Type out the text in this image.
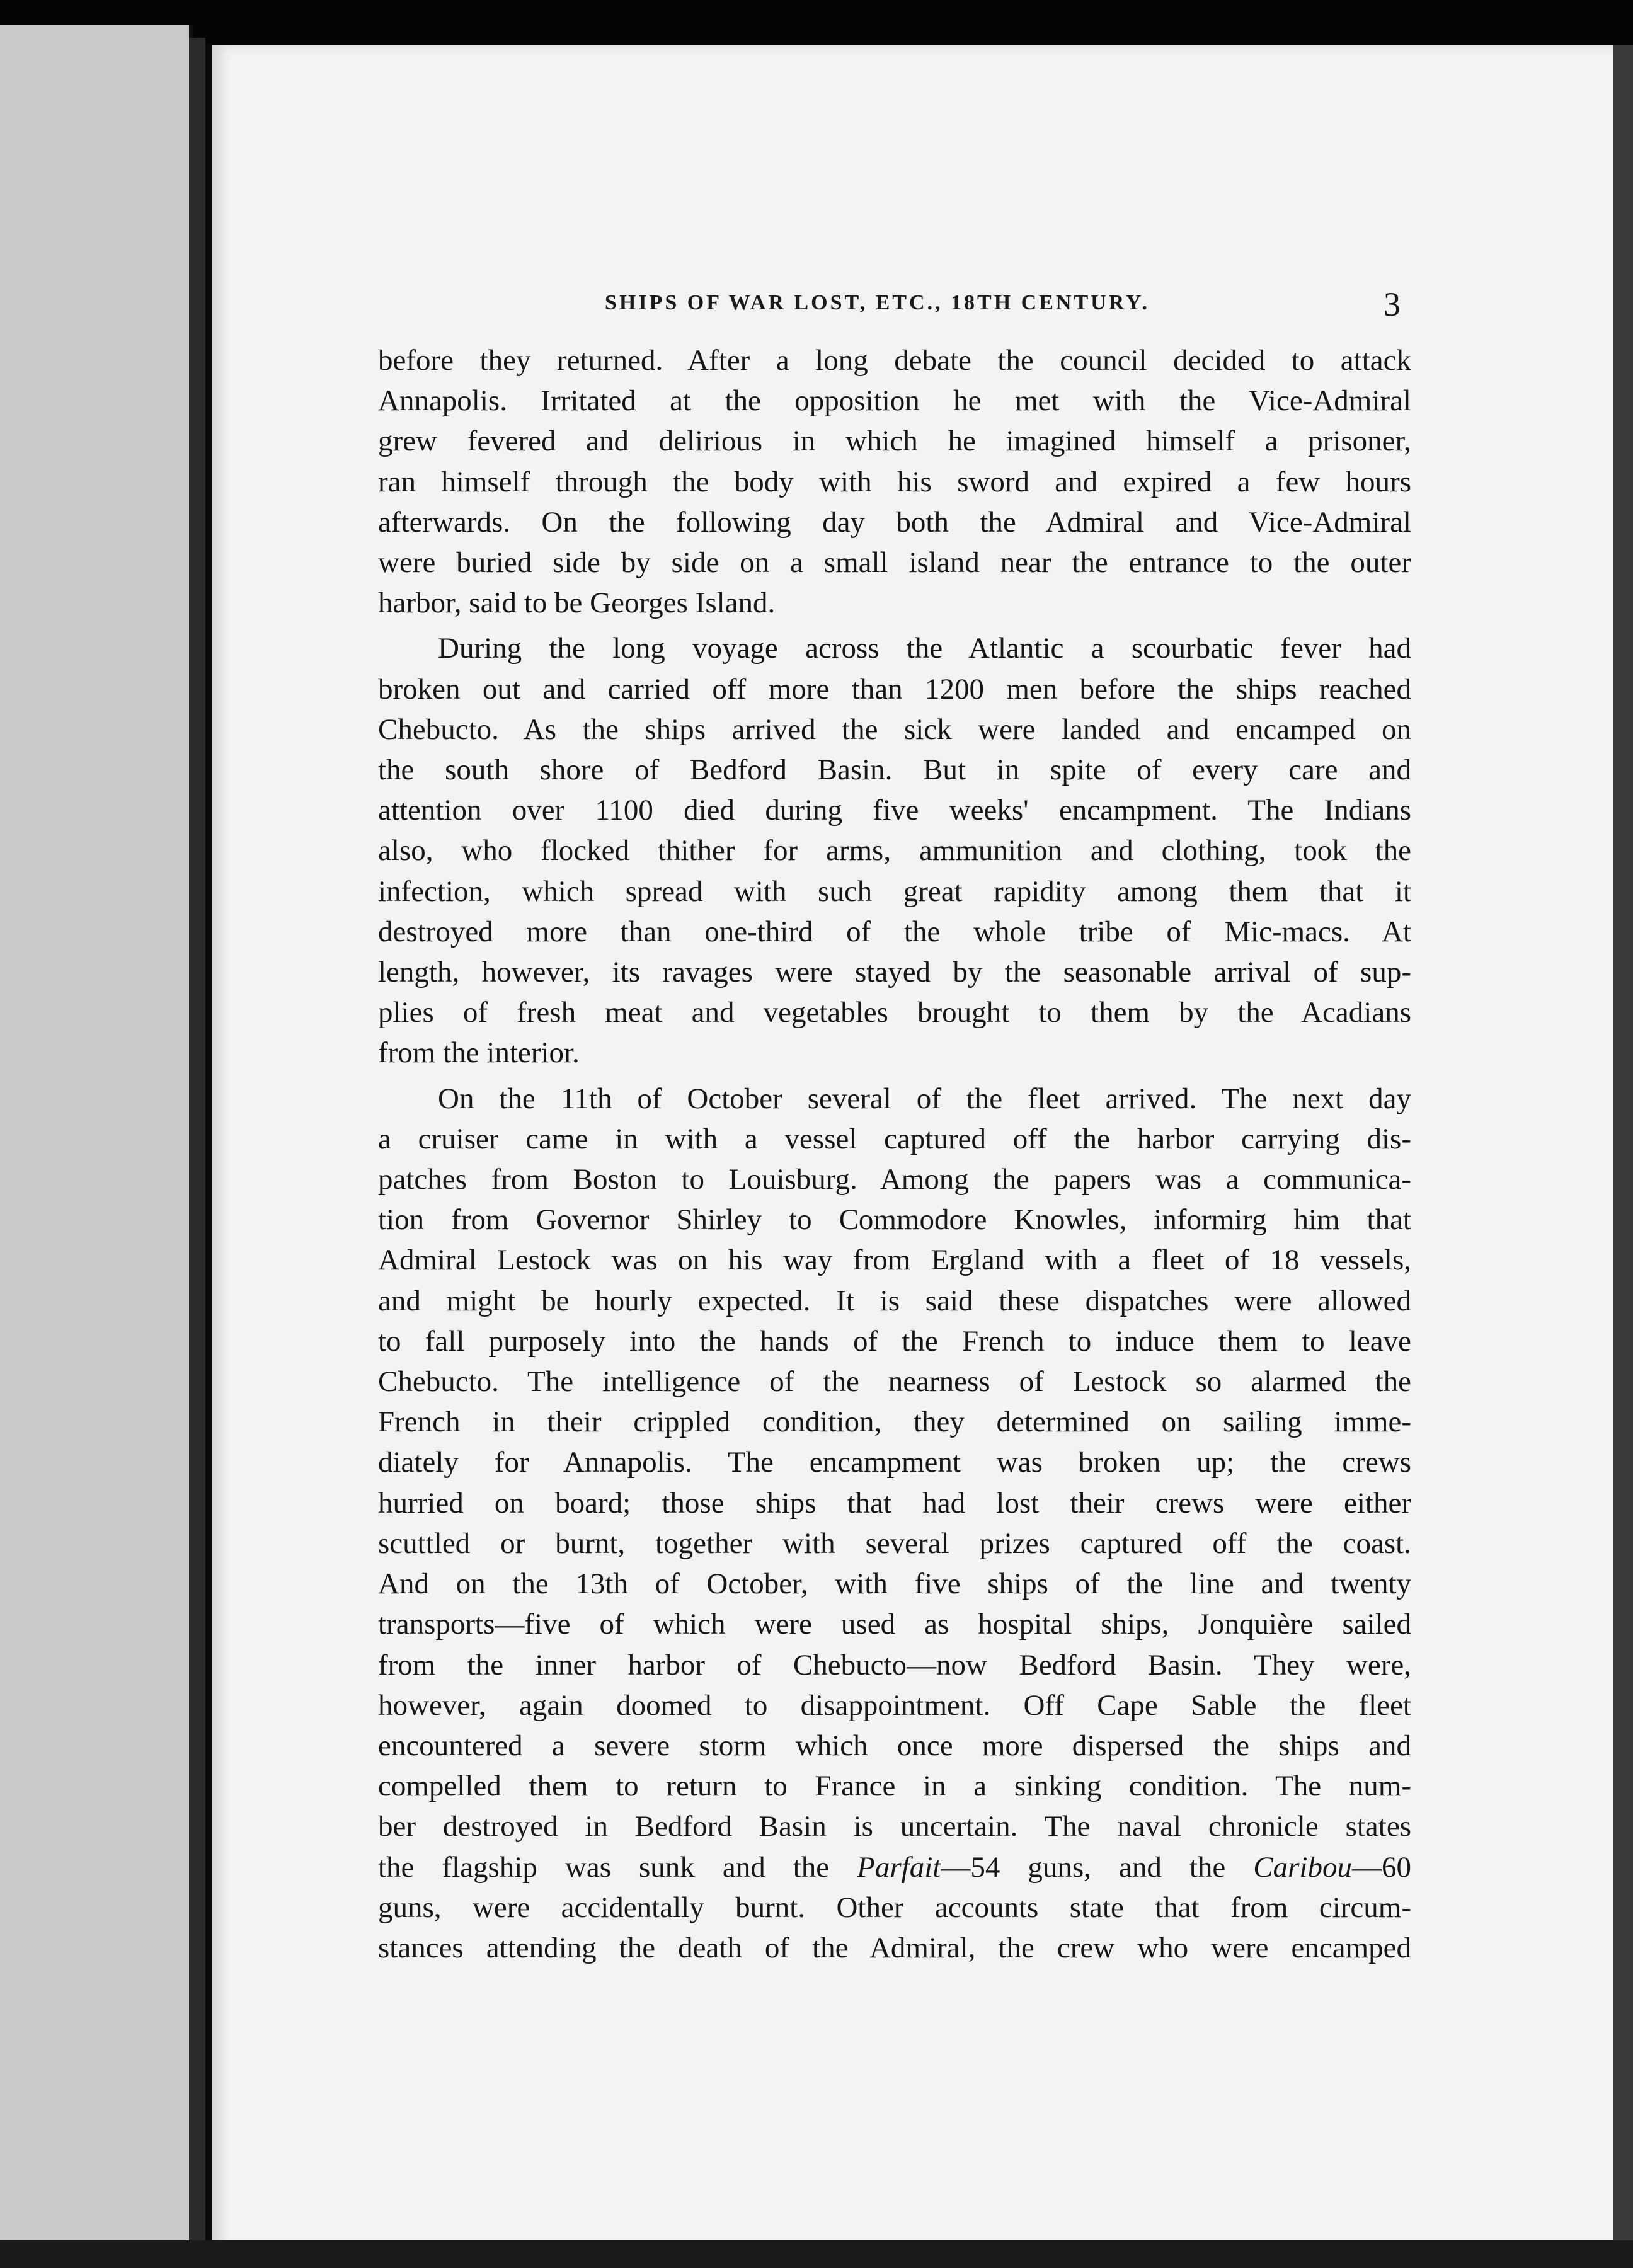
SHIPS OF WAR LOST, ETC., 18TH CENTURY.	3

before they returned. After a long debate the council decided to attack
Annapolis. Irritated at the opposition he met with the Vice-Admiral
grew fevered and delirious in which he imagined himself a prisoner,
ran himself through the body with his sword and expired a few hours
afterwards. On the following day both the Admiral and Vice-Admiral
were buried side by side on a small island near the entrance to the outer
harbor, said to be Georges Island.

During the long voyage across the Atlantic a scourbatic fever had
broken out and carried off more than 1200 men before the ships reached
Chebucto. As the ships arrived the sick were landed and encamped on
the south shore of Bedford Basin. But in spite of every care and
attention over 1100 died during five weeks' encampment. The Indians
also, who flocked thither for arms, ammunition and clothing, took the
infection, which spread with such great rapidity among them that it
destroyed more than one-third of the whole tribe of Mic-macs. At
length, however, its ravages were stayed by the seasonable arrival of sup-
plies of fresh meat and vegetables brought to them by the Acadians
from the interior.

On the 11th of October several of the fleet arrived. The next day
a cruiser came in with a vessel captured off the harbor carrying dis-
patches from Boston to Louisburg. Among the papers was a communica-
tion from Governor Shirley to Commodore Knowles, informirg him that
Admiral Lestock was on his way from Ergland with a fleet of 18 vessels,
and might be hourly expected. It is said these dispatches were allowed
to fall purposely into the hands of the French to induce them to leave
Chebucto. The intelligence of the nearness of Lestock so alarmed the
French in their crippled condition, they determined on sailing imme-
diately for Annapolis. The encampment was broken up; the crews
hurried on board; those ships that had lost their crews were either
scuttled or burnt, together with several prizes captured off the coast.
And on the 13th of October, with five ships of the line and twenty
transports—five of which were used as hospital ships, Jonquière sailed
from the inner harbor of Chebucto—now Bedford Basin. They were,
however, again doomed to disappointment. Off Cape Sable the fleet
encountered a severe storm which once more dispersed the ships and
compelled them to return to France in a sinking condition. The num-
ber destroyed in Bedford Basin is uncertain. The naval chronicle states
the flagship was sunk and the Parfait—54 guns, and the Caribou—60
guns, were accidentally burnt. Other accounts state that from circum-
stances attending the death of the Admiral, the crew who were encamped
